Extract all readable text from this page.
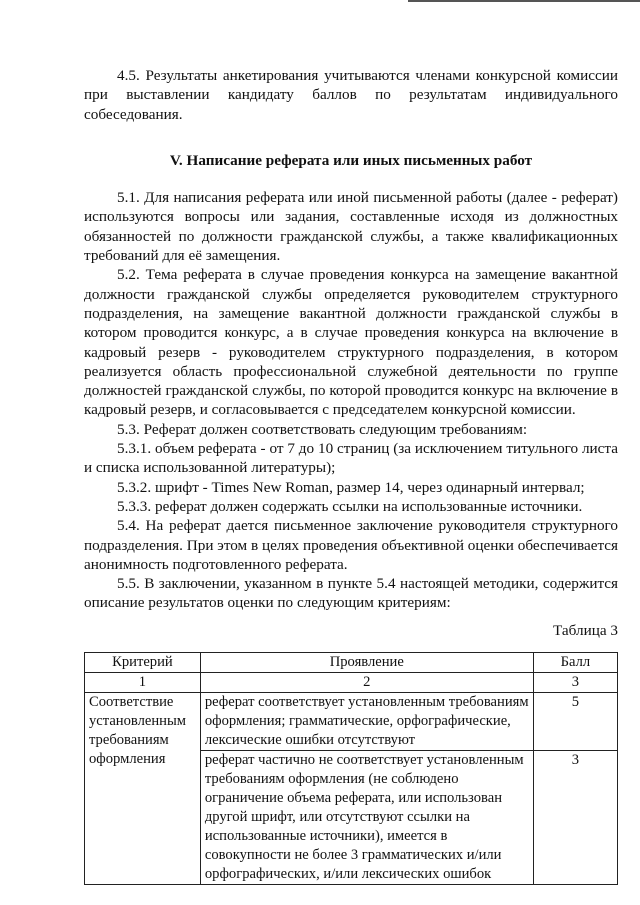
4.5. Результаты анкетирования учитываются членами конкурсной комиссии при выставлении кандидату баллов по результатам индивидуального собеседования.

V. Написание реферата или иных письменных работ

5.1. Для написания реферата или иной письменной работы (далее - реферат) используются вопросы или задания, составленные исходя из должностных обязанностей по должности гражданской службы, а также квалификационных требований для её замещения.

5.2. Тема реферата в случае проведения конкурса на замещение вакантной должности гражданской службы определяется руководителем структурного подразделения, на замещение вакантной должности гражданской службы в котором проводится конкурс, а в случае проведения конкурса на включение в кадровый резерв - руководителем структурного подразделения, в котором реализуется область профессиональной служебной деятельности по группе должностей гражданской службы, по которой проводится конкурс на включение в кадровый резерв, и согласовывается с председателем конкурсной комиссии.

5.3. Реферат должен соответствовать следующим требованиям:

5.3.1. объем реферата - от 7 до 10 страниц (за исключением титульного листа и списка использованной литературы);

5.3.2. шрифт - Times New Roman, размер 14, через одинарный интервал;

5.3.3. реферат должен содержать ссылки на использованные источники.

5.4. На реферат дается письменное заключение руководителя структурного подразделения. При этом в целях проведения объективной оценки обеспечивается анонимность подготовленного реферата.

5.5. В заключении, указанном в пункте 5.4 настоящей методики, содержится описание результатов оценки по следующим критериям:

Таблица 3

Критерий	Проявление	Балл
1	2	3
Соответствие установленным требованиям оформления	реферат соответствует установленным требованиям оформления; грамматические, орфографические, лексические ошибки отсутствуют	5
	реферат частично не соответствует установленным требованиям оформления (не соблюдено ограничение объема реферата, или использован другой шрифт, или отсутствуют ссылки на использованные источники), имеется в совокупности не более 3 грамматических и/или орфографических, и/или лексических ошибок	3
